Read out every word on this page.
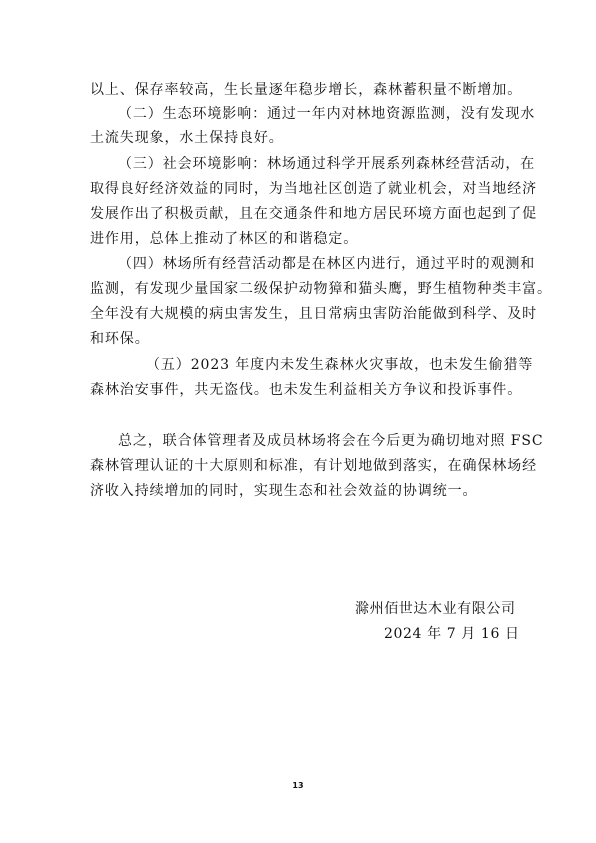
以上、保存率较高，生长量逐年稳步增长，森林蓄积量不断增加。
（二）生态环境影响：通过一年内对林地资源监测，没有发现水
土流失现象，水土保持良好。
（三）社会环境影响：林场通过科学开展系列森林经营活动，在
取得良好经济效益的同时，为当地社区创造了就业机会，对当地经济
发展作出了积极贡献，且在交通条件和地方居民环境方面也起到了促
进作用，总体上推动了林区的和谐稳定。
（四）林场所有经营活动都是在林区内进行，通过平时的观测和
监测，有发现少量国家二级保护动物獐和猫头鹰，野生植物种类丰富。
全年没有大规模的病虫害发生，且日常病虫害防治能做到科学、及时
和环保。
（五）2023 年度内未发生森林火灾事故，也未发生偷猎等
森林治安事件，共无盗伐。也未发生利益相关方争议和投诉事件。
总之，联合体管理者及成员林场将会在今后更为确切地对照 FSC
森林管理认证的十大原则和标准，有计划地做到落实，在确保林场经
济收入持续增加的同时，实现生态和社会效益的协调统一。
滁州佰世达木业有限公司
2024 年 7 月 16 日
13
